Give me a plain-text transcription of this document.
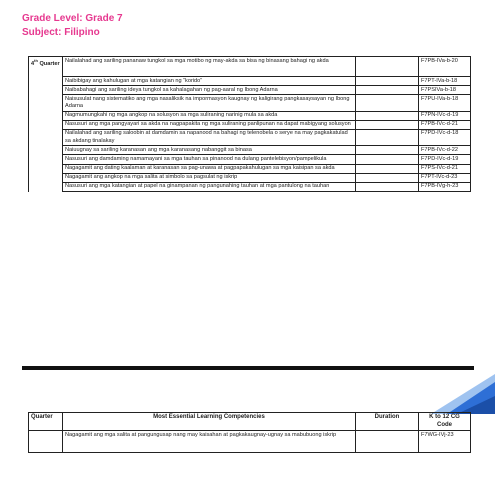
Grade Level: Grade 7
Subject: Filipino
4th Quarter	Nailalahad ang sariling pananaw tungkol sa mga motibo ng may-akda sa bisa ng binasang bahagi ng akda		F7PB-IVa-b-20
	Naibibigay ang kahulugan at mga katangian ng “korido”		F7PT-IVa-b-18
	Naibabahagi ang sariling ideya tungkol sa kahalagahan ng pag-aaral ng Ibong Adarna		F7PSIVa-b-18
	Naisusulat nang sistematiko ang mga nasaliksik na impormasyon kaugnay ng kaligirang pangkasaysayan ng Ibong Adarna		F7PU-IVa-b-18
	Nagmumungkahi ng mga angkop na solusyon sa mga suliraning narinig mula sa akda		F7PN-IVc-d-19
	Nasusuri ang mga pangyayari sa akda na nagpapakita ng mga suliraning panlipunan na dapat mabigyang solusyon		F7PB-IVc-d-21
	Nailalahad ang sariling saloobin at damdamin sa napanood na bahagi ng telenobela o serye na may pagkakatulad sa akdang tinalakay		F7PD-IVc-d-18
	Naiuugnay sa sariling karanasan ang mga karanasang nabanggit sa binasa		F7PB-IVc-d-22
	Nasusuri ang damdaming namamayani sa mga tauhan sa pinanood na dulang pantelebisyon/pampelikula		F7PD-IVc-d-19
	Nagagamit ang dating kaalaman at karanasan sa pag-unawa at pagpapakahulugan sa mga kaisipan sa akda		F7PS-IVc-d-21
	Nagagamit ang angkop na mga salita at simbolo sa pagsulat ng iskrip		F7PT-IVc-d-23
	Nasusuri ang mga katangian at papel na ginampanan ng pangunahing tauhan at mga pantulong na tauhan		F7PB-IVg-h-23
Quarter	Most Essential Learning Competencies	Duration	K to 12 CG Code
	Nagagamit ang mga salita at pangungusap nang may kaisahan at pagkakaugnay-ugnay sa mabubuong iskrip		F7WG-IVj-23
